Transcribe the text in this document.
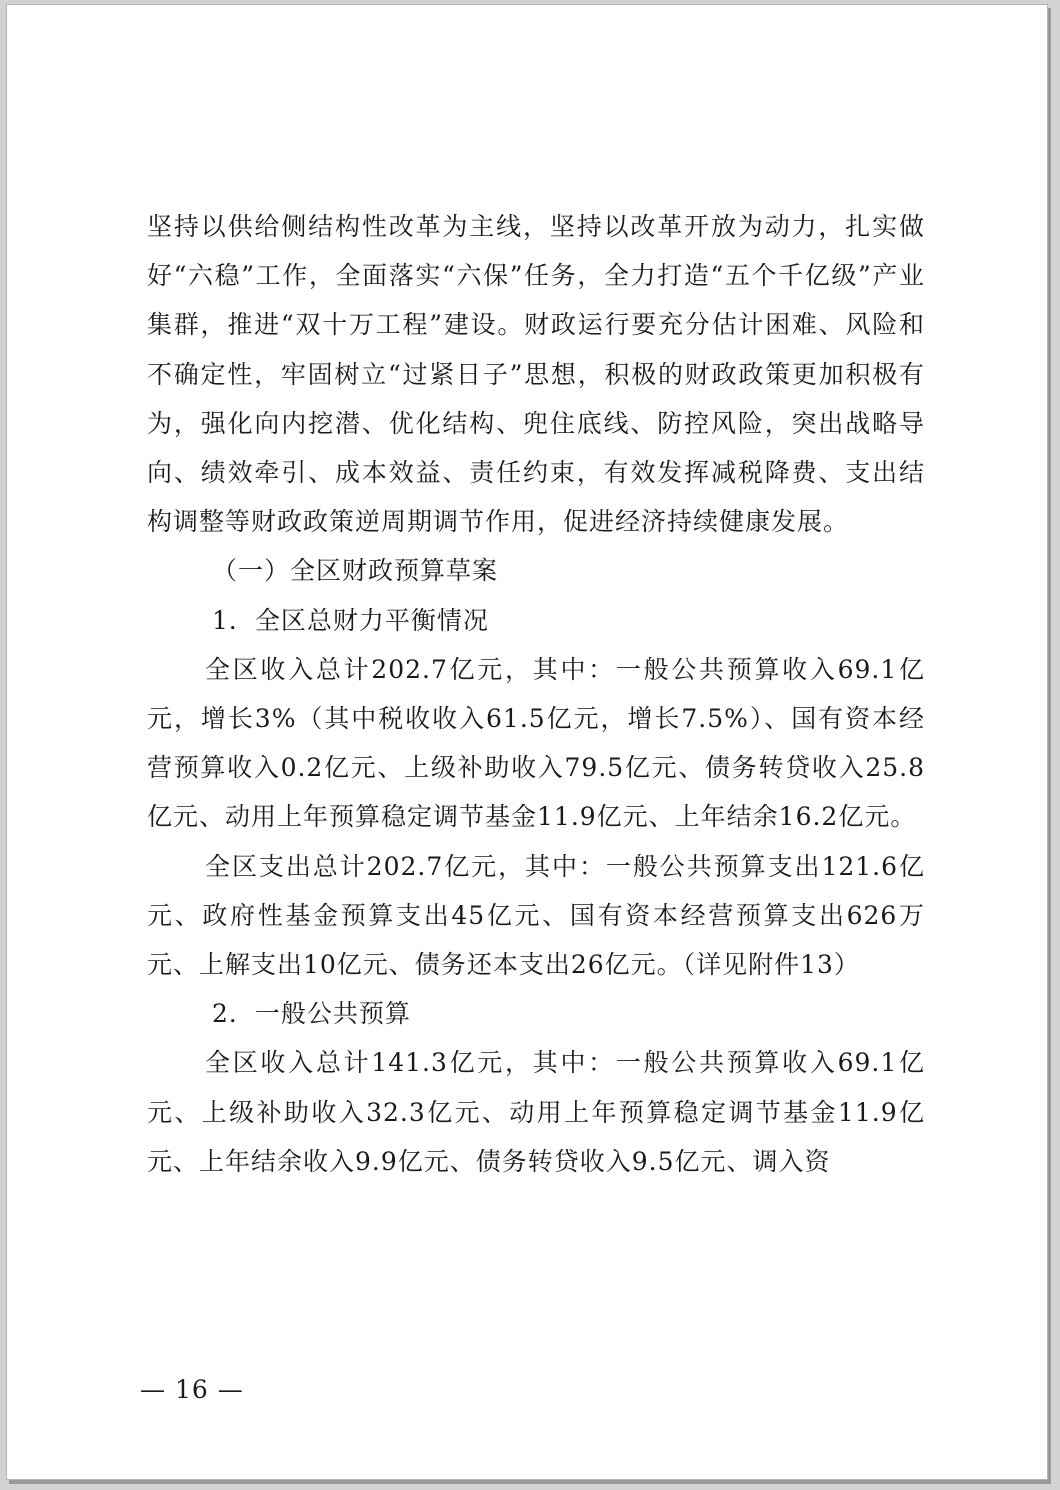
坚持以供给侧结构性改革为主线，坚持以改革开放为动力，扎实做好“六稳”工作，全面落实“六保”任务，全力打造“五个千亿级”产业集群，推进“双十万工程”建设。财政运行要充分估计困难、风险和不确定性，牢固树立“过紧日子”思想，积极的财政政策更加积极有为，强化向内挖潜、优化结构、兜住底线、防控风险，突出战略导向、绩效牵引、成本效益、责任约束，有效发挥减税降费、支出结构调整等财政政策逆周期调节作用，促进经济持续健康发展。

（一）全区财政预算草案

1．全区总财力平衡情况

全区收入总计202.7亿元，其中：一般公共预算收入69.1亿元，增长3%（其中税收收入61.5亿元，增长7.5%）、国有资本经营预算收入0.2亿元、上级补助收入79.5亿元、债务转贷收入25.8亿元、动用上年预算稳定调节基金11.9亿元、上年结余16.2亿元。

全区支出总计202.7亿元，其中：一般公共预算支出121.6亿元、政府性基金预算支出45亿元、国有资本经营预算支出626万元、上解支出10亿元、债务还本支出26亿元。（详见附件13）

2．一般公共预算

全区收入总计141.3亿元，其中：一般公共预算收入69.1亿元、上级补助收入32.3亿元、动用上年预算稳定调节基金11.9亿元、上年结余收入9.9亿元、债务转贷收入9.5亿元、调入资

— 16 —
